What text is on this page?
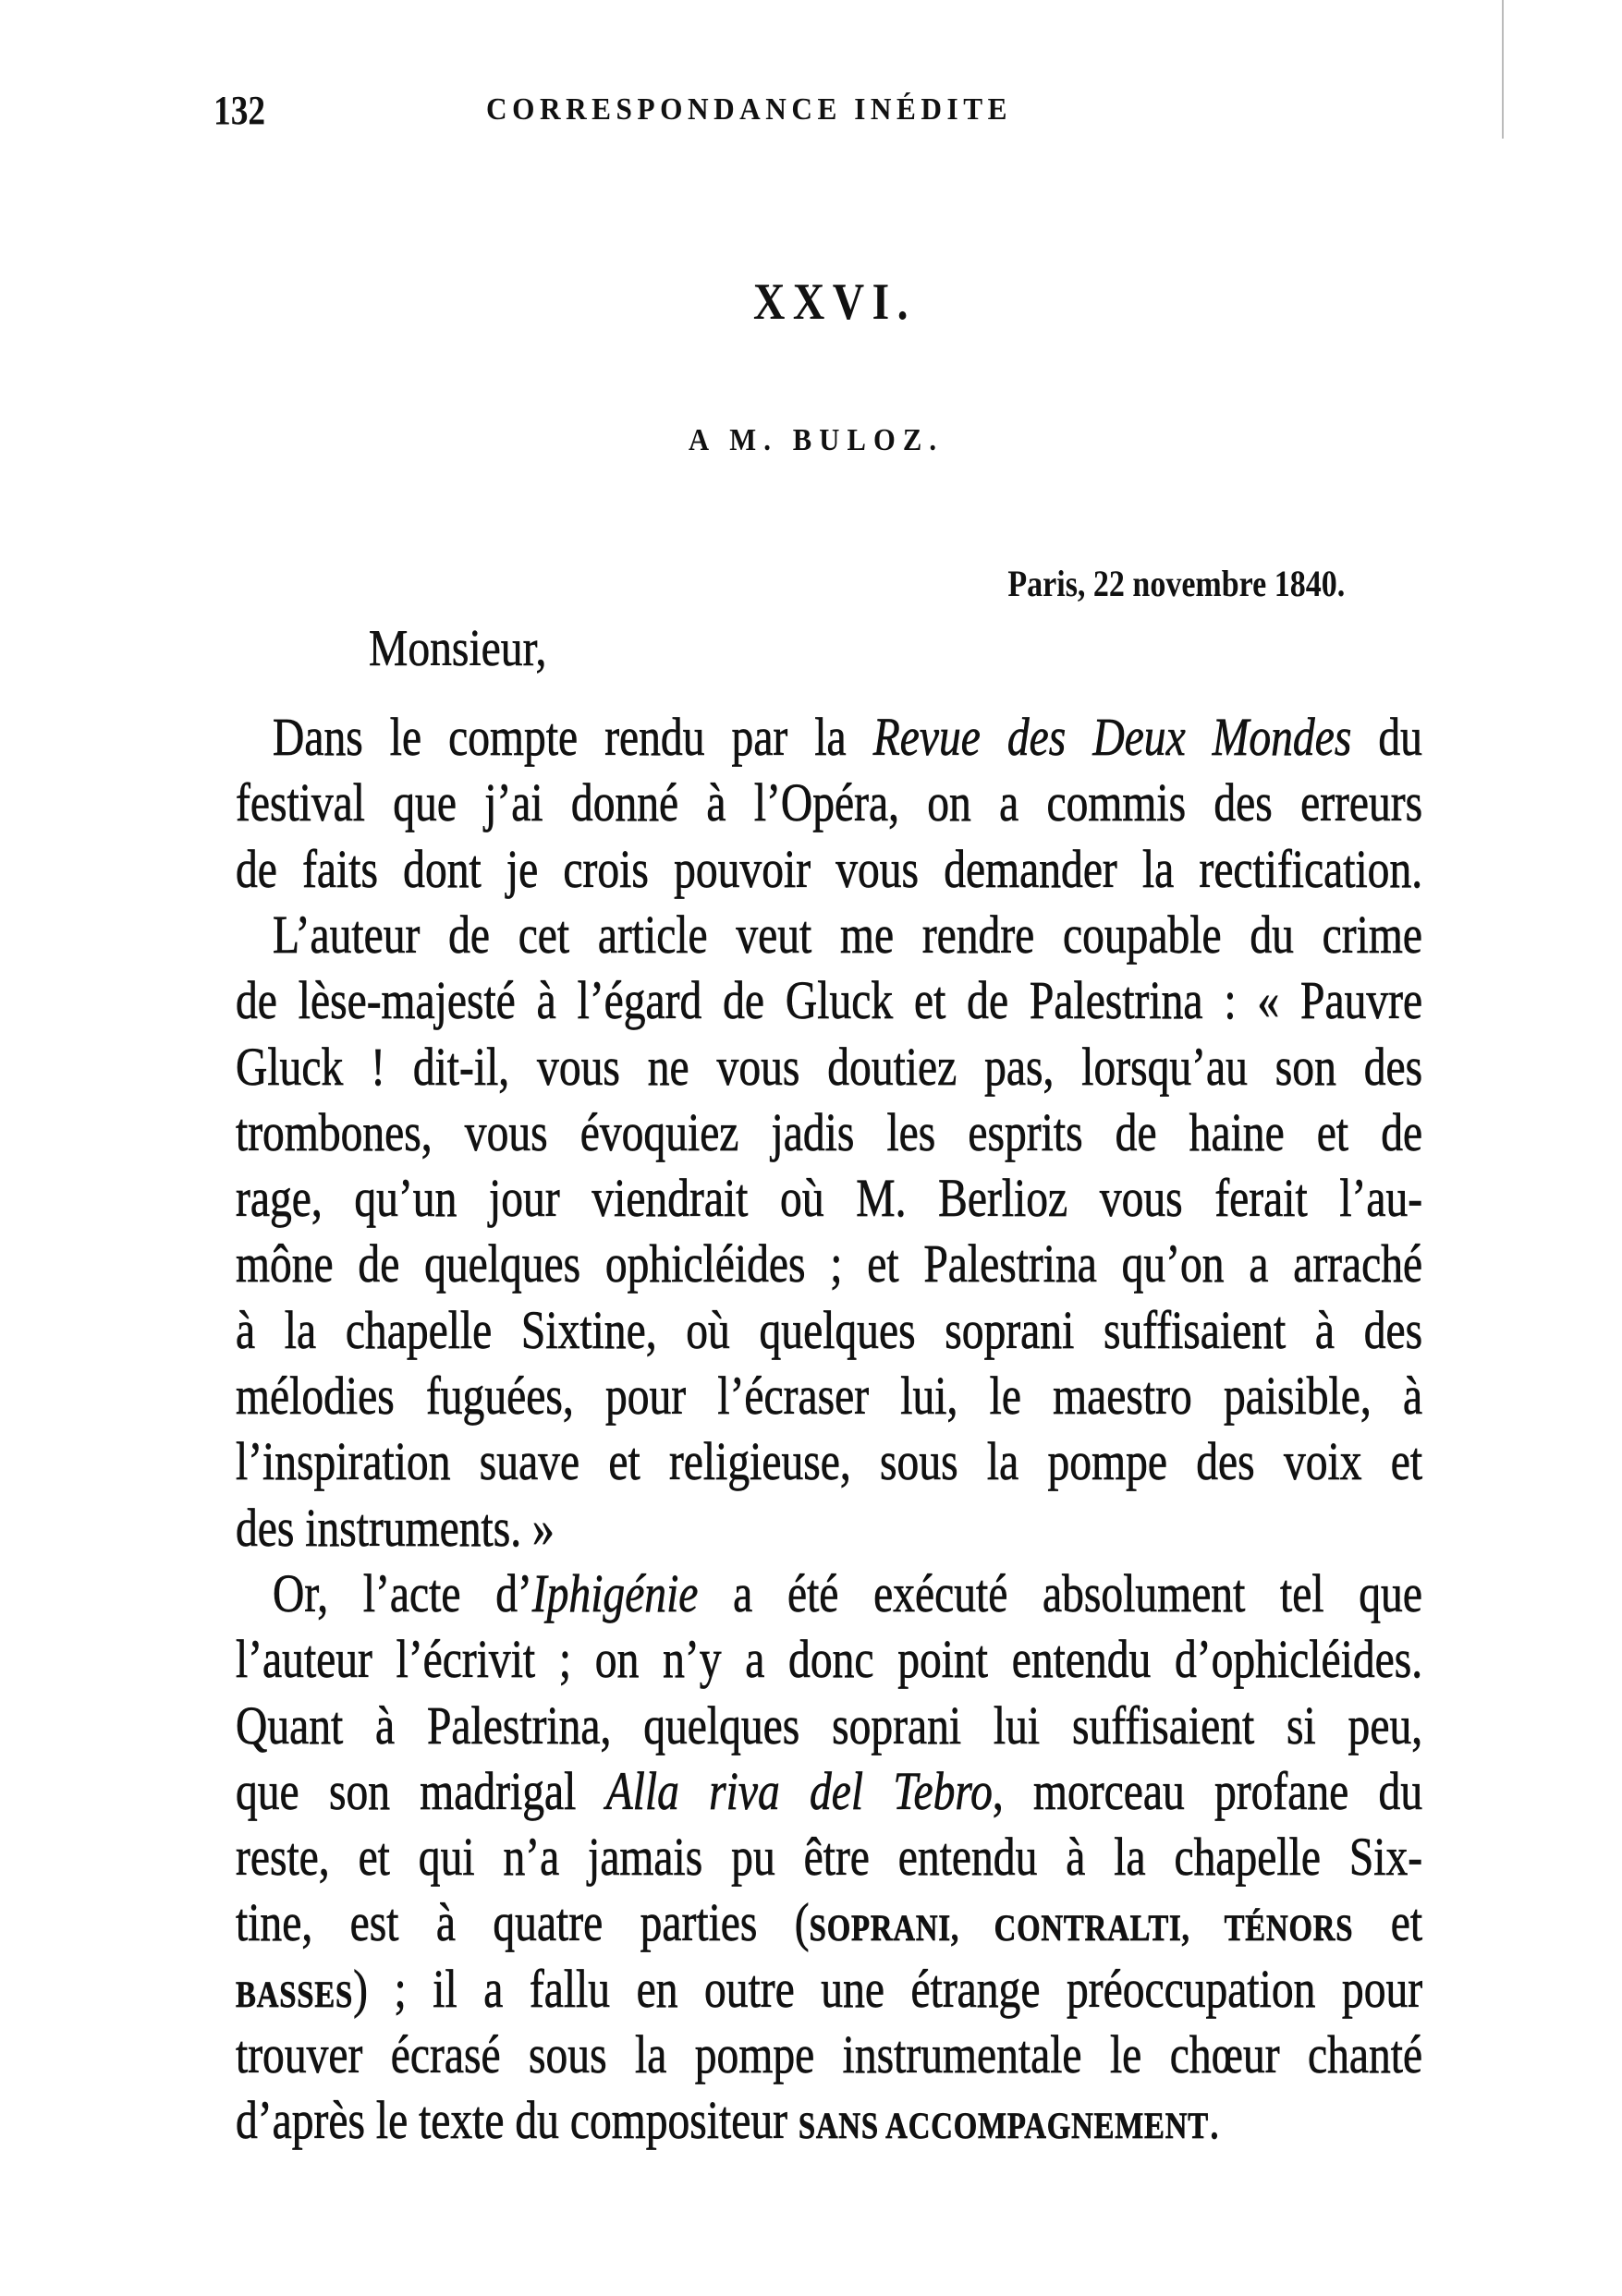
132	CORRESPONDANCE INÉDITE
XXVI.
A M. BULOZ.
Paris, 22 novembre 1840.
Monsieur,
Dans le compte rendu par la Revue des Deux Mondes du
festival que j’ai donné à l’Opéra, on a commis des erreurs
de faits dont je crois pouvoir vous demander la rectification.
L’auteur de cet article veut me rendre coupable du crime
de lèse-majesté à l’égard de Gluck et de Palestrina : « Pauvre
Gluck ! dit-il, vous ne vous doutiez pas, lorsqu’au son des
trombones, vous évoquiez jadis les esprits de haine et de
rage, qu’un jour viendrait où M. Berlioz vous ferait l’au-
mône de quelques ophicléides ; et Palestrina qu’on a arraché
à la chapelle Sixtine, où quelques soprani suffisaient à des
mélodies fuguées, pour l’écraser lui, le maestro paisible, à
l’inspiration suave et religieuse, sous la pompe des voix et
des instruments. »
Or, l’acte d’Iphigénie a été exécuté absolument tel que
l’auteur l’écrivit ; on n’y a donc point entendu d’ophicléides.
Quant à Palestrina, quelques soprani lui suffisaient si peu,
que son madrigal Alla riva del Tebro, morceau profane du
reste, et qui n’a jamais pu être entendu à la chapelle Six-
tine, est à quatre parties (SOPRANI, CONTRALTI, TÉNORS et
BASSES) ; il a fallu en outre une étrange préoccupation pour
trouver écrasé sous la pompe instrumentale le chœur chanté
d’après le texte du compositeur SANS ACCOMPAGNEMENT.
